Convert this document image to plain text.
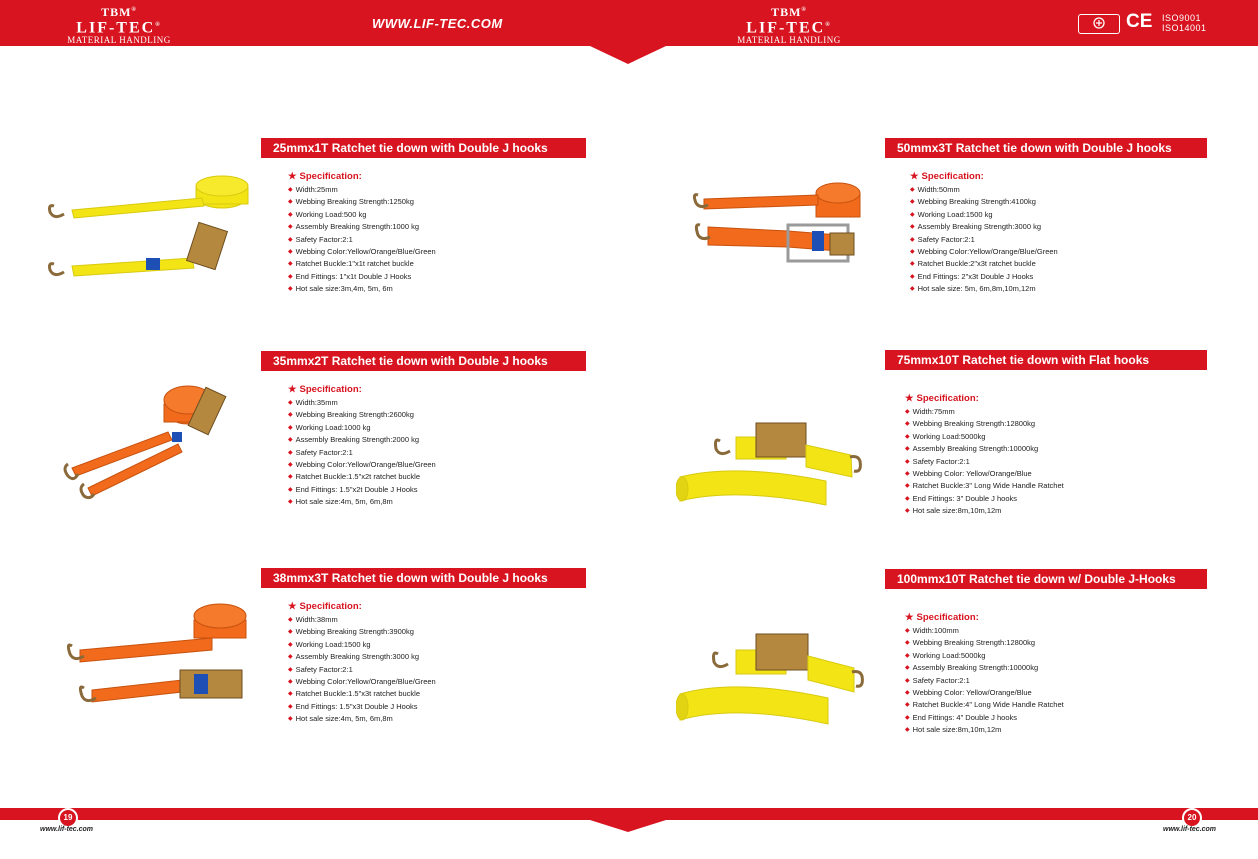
TBM®
LIF-TEC®
MATERIAL HANDLING
WWW.LIF-TEC.COM
TBM®
LIF-TEC®
MATERIAL HANDLING
CE ISO9001
ISO14001
25mmx1T Ratchet tie down with Double J hooks
★ Specification:
◆ Width:25mm
◆ Webbing Breaking Strength:1250kg
◆ Working Load:500 kg
◆ Assembly Breaking Strength:1000 kg
◆ Safety Factor:2:1
◆ Webbing Color:Yellow/Orange/Blue/Green
◆ Ratchet Buckle:1"x1t ratchet buckle
◆ End Fittings: 1"x1t Double J Hooks
◆ Hot sale size:3m,4m, 5m, 6m
35mmx2T Ratchet tie down with Double J hooks
★ Specification:
◆ Width:35mm
◆ Webbing Breaking Strength:2600kg
◆ Working Load:1000 kg
◆ Assembly Breaking Strength:2000 kg
◆ Safety Factor:2:1
◆ Webbing Color:Yellow/Orange/Blue/Green
◆ Ratchet Buckle:1.5"x2t ratchet buckle
◆ End Fittings: 1.5"x2t Double J Hooks
◆ Hot sale size:4m, 5m, 6m,8m
38mmx3T Ratchet tie down with Double J hooks
★ Specification:
◆ Width:38mm
◆ Webbing Breaking Strength:3900kg
◆ Working Load:1500 kg
◆ Assembly Breaking Strength:3000 kg
◆ Safety Factor:2:1
◆ Webbing Color:Yellow/Orange/Blue/Green
◆ Ratchet Buckle:1.5"x3t ratchet buckle
◆ End Fittings: 1.5"x3t Double J Hooks
◆ Hot sale size:4m, 5m, 6m,8m
50mmx3T Ratchet tie down with Double J hooks
★ Specification:
◆ Width:50mm
◆ Webbing Breaking Strength:4100kg
◆ Working Load:1500 kg
◆ Assembly Breaking Strength:3000 kg
◆ Safety Factor:2:1
◆ Webbing Color:Yellow/Orange/Blue/Green
◆ Ratchet Buckle:2"x3t ratchet buckle
◆ End Fittings: 2"x3t Double J Hooks
◆ Hot sale size: 5m, 6m,8m,10m,12m
75mmx10T Ratchet tie down with Flat hooks
★ Specification:
◆ Width:75mm
◆ Webbing Breaking Strength:12800kg
◆ Working Load:5000kg
◆ Assembly Breaking Strength:10000kg
◆ Safety Factor:2:1
◆ Webbing Color: Yellow/Orange/Blue
◆ Ratchet Buckle:3" Long Wide Handle Ratchet
◆ End Fittings: 3" Double J hooks
◆ Hot sale size:8m,10m,12m
100mmx10T Ratchet tie down w/ Double J-Hooks
★ Specification:
◆ Width:100mm
◆ Webbing Breaking Strength:12800kg
◆ Working Load:5000kg
◆ Assembly Breaking Strength:10000kg
◆ Safety Factor:2:1
◆ Webbing Color: Yellow/Orange/Blue
◆ Ratchet Buckle:4" Long Wide Handle Ratchet
◆ End Fittings: 4" Double J hooks
◆ Hot sale size:8m,10m,12m
19
www.lif-tec.com
20
www.lif-tec.com
